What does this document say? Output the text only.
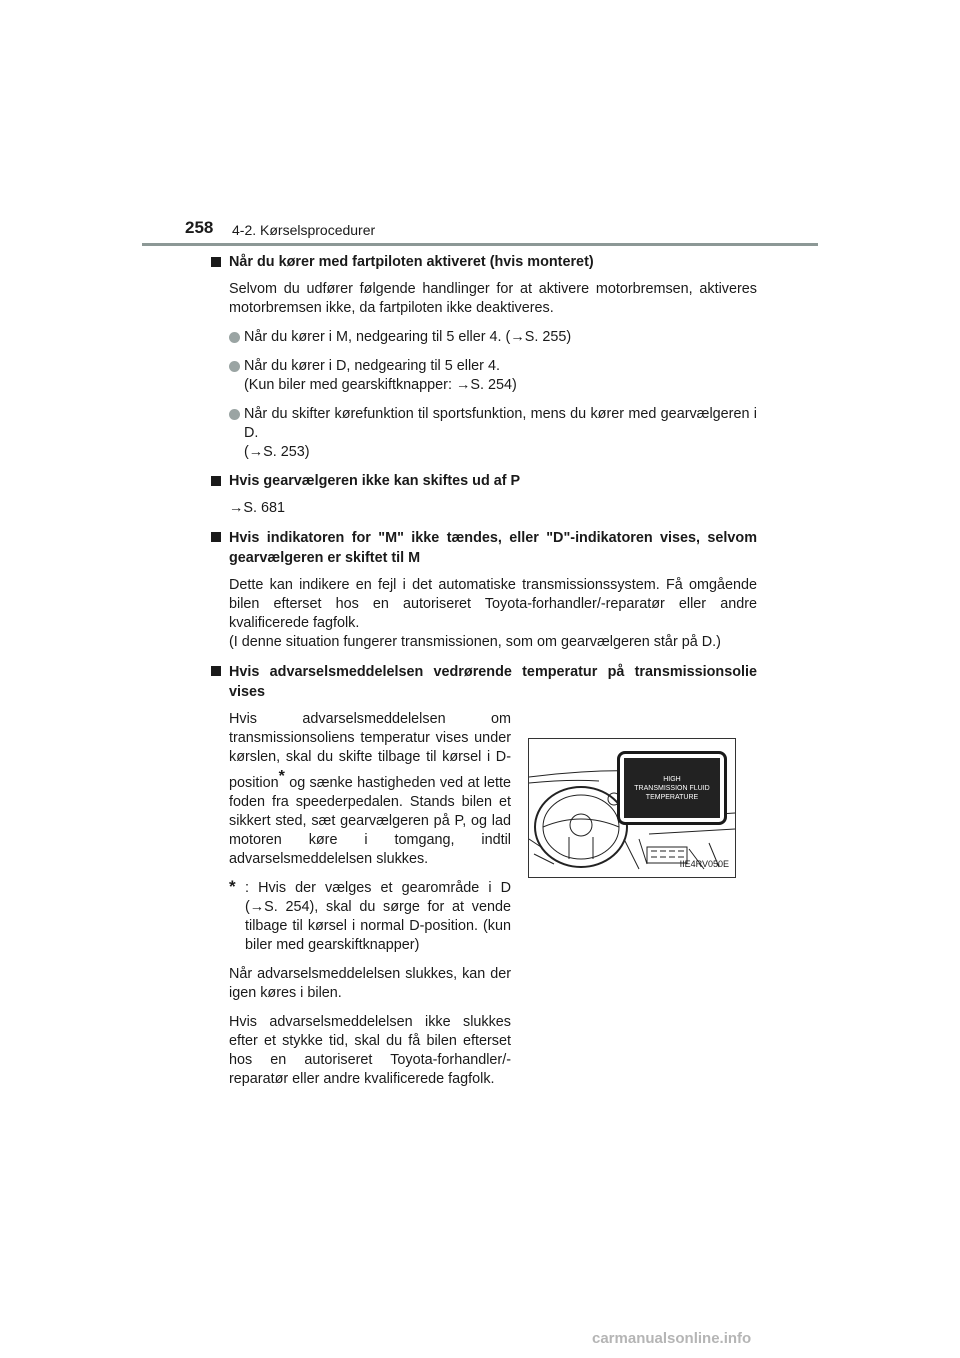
258 4-2. Kørselsprocedurer

Når du kører med fartpiloten aktiveret (hvis monteret)

Selvom du udfører følgende handlinger for at aktivere motorbremsen, aktiveres motorbremsen ikke, da fartpiloten ikke deaktiveres.

Når du kører i M, nedgearing til 5 eller 4. (→S. 255)

Når du kører i D, nedgearing til 5 eller 4.
(Kun biler med gearskiftknapper: →S. 254)

Når du skifter kørefunktion til sportsfunktion, mens du kører med gearvælgeren i D.
(→S. 253)

Hvis gearvælgeren ikke kan skiftes ud af P

→S. 681

Hvis indikatoren for "M" ikke tændes, eller "D"-indikatoren vises, selvom gearvælgeren er skiftet til M

Dette kan indikere en fejl i det automatiske transmissionssystem. Få omgående bilen efterset hos en autoriseret Toyota-forhandler/-reparatør eller andre kvalificerede fagfolk.

(I denne situation fungerer transmissionen, som om gearvælgeren står på D.)

Hvis advarselsmeddelelsen vedrørende temperatur på transmissionsolie vises

Hvis advarselsmeddelelsen om transmissionsoliens temperatur vises under kørslen, skal du skifte tilbage til kørsel i D-position* og sænke hastigheden ved at lette foden fra speederpedalen. Stands bilen et sikkert sted, sæt gearvælgeren på P, og lad motoren køre i tomgang, indtil advarselsmeddelelsen slukkes.

* : Hvis der vælges et gearområde i D (→S. 254), skal du sørge for at vende tilbage til kørsel i normal D-position. (kun biler med gearskiftknapper)

Når advarselsmeddelelsen slukkes, kan der igen køres i bilen.

Hvis advarselsmeddelelsen ikke slukkes efter et stykke tid, skal du få bilen efterset hos en autoriseret Toyota-forhandler/-reparatør eller andre kvalificerede fagfolk.

HIGH
TRANSMISSION FLUID
TEMPERATURE
IIE4RV050E
carmanualsonline.info
